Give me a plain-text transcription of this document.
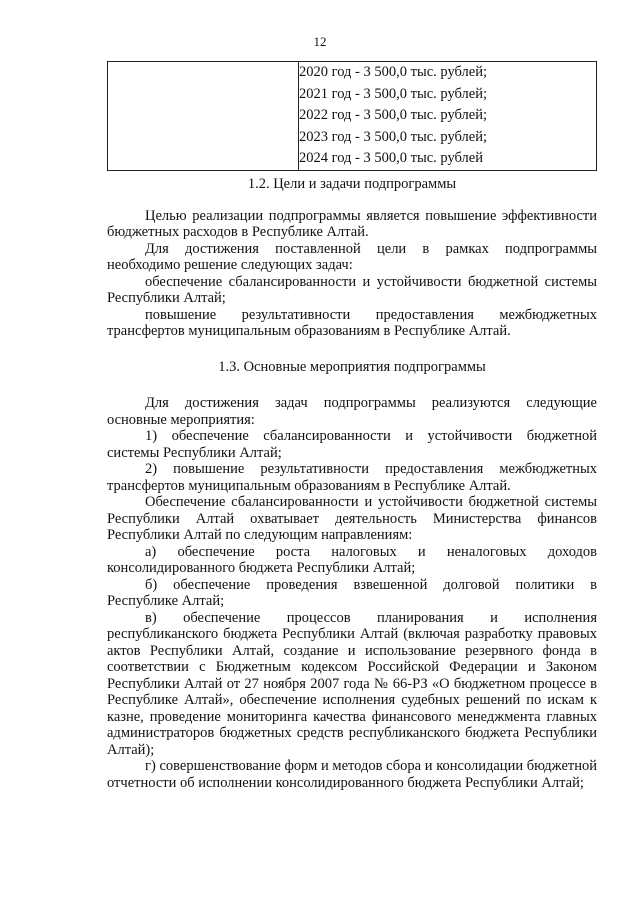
12

2020 год - 3 500,0 тыс. рублей;
2021 год - 3 500,0 тыс. рублей;
2022 год - 3 500,0 тыс. рублей;
2023 год - 3 500,0 тыс. рублей;
2024 год - 3 500,0 тыс. рублей
1.2. Цели и задачи подпрограммы

Целью реализации подпрограммы является повышение эффективности бюджетных расходов в Республике Алтай.

Для достижения поставленной цели в рамках подпрограммы необходимо решение следующих задач:

обеспечение сбалансированности и устойчивости бюджетной системы Республики Алтай;

повышение результативности предоставления межбюджетных трансфертов муниципальным образованиям в Республике Алтай.

1.3. Основные мероприятия подпрограммы

Для достижения задач подпрограммы реализуются следующие основные мероприятия:

1) обеспечение сбалансированности и устойчивости бюджетной системы Республики Алтай;

2) повышение результативности предоставления межбюджетных трансфертов муниципальным образованиям в Республике Алтай.

Обеспечение сбалансированности и устойчивости бюджетной системы Республики Алтай охватывает деятельность Министерства финансов Республики Алтай по следующим направлениям:

а) обеспечение роста налоговых и неналоговых доходов консолидированного бюджета Республики Алтай;

б) обеспечение проведения взвешенной долговой политики в Республике Алтай;

в) обеспечение процессов планирования и исполнения республиканского бюджета Республики Алтай (включая разработку правовых актов Республики Алтай, создание и использование резервного фонда в соответствии с Бюджетным кодексом Российской Федерации и Законом Республики Алтай от 27 ноября 2007 года № 66-РЗ «О бюджетном процессе в Республике Алтай», обеспечение исполнения судебных решений по искам к казне, проведение мониторинга качества финансового менеджмента главных администраторов бюджетных средств республиканского бюджета Республики Алтай);

г) совершенствование форм и методов сбора и консолидации бюджетной отчетности об исполнении консолидированного бюджета Республики Алтай;
